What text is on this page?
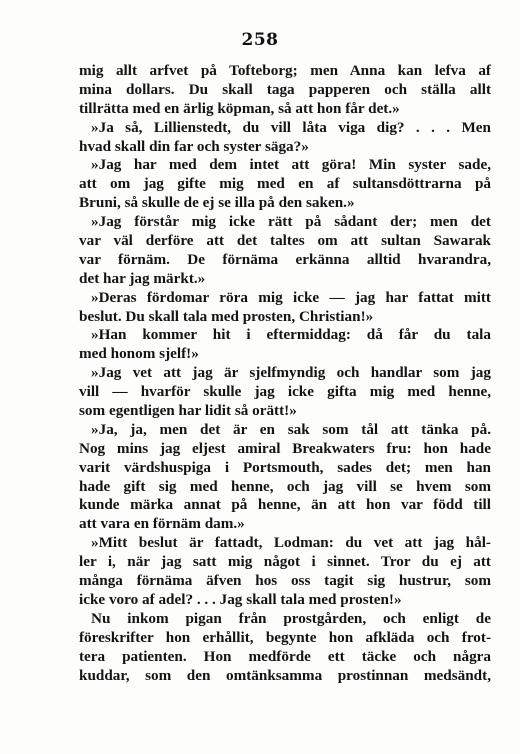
258
mig allt arfvet på Tofteborg; men Anna kan lefva af
mina dollars. Du skall taga papperen och ställa allt
tillrätta med en ärlig köpman, så att hon får det.»
»Ja så, Lillienstedt, du vill låta viga dig? . . . Men
hvad skall din far och syster säga?»
»Jag har med dem intet att göra! Min syster sade,
att om jag gifte mig med en af sultansdöttrarna på
Bruni, så skulle de ej se illa på den saken.»
»Jag förstår mig icke rätt på sådant der; men det
var väl derföre att det taltes om att sultan Sawarak
var förnäm. De förnäma erkänna alltid hvarandra,
det har jag märkt.»
»Deras fördomar röra mig icke — jag har fattat mitt
beslut. Du skall tala med prosten, Christian!»
»Han kommer hit i eftermiddag: då får du tala
med honom sjelf!»
»Jag vet att jag är sjelfmyndig och handlar som jag
vill — hvarför skulle jag icke gifta mig med henne,
som egentligen har lidit så orätt!»
»Ja, ja, men det är en sak som tål att tänka på.
Nog mins jag eljest amiral Breakwaters fru: hon hade
varit värdshuspiga i Portsmouth, sades det; men han
hade gift sig med henne, och jag vill se hvem som
kunde märka annat på henne, än att hon var född till
att vara en förnäm dam.»
»Mitt beslut är fattadt, Lodman: du vet att jag hål-
ler i, när jag satt mig något i sinnet. Tror du ej att
många förnäma äfven hos oss tagit sig hustrur, som
icke voro af adel? . . . Jag skall tala med prosten!»
Nu inkom pigan från prostgården, och enligt de
föreskrifter hon erhållit, begynte hon afkläda och frot-
tera patienten. Hon medförde ett täcke och några
kuddar, som den omtänksamma prostinnan medsändt,
